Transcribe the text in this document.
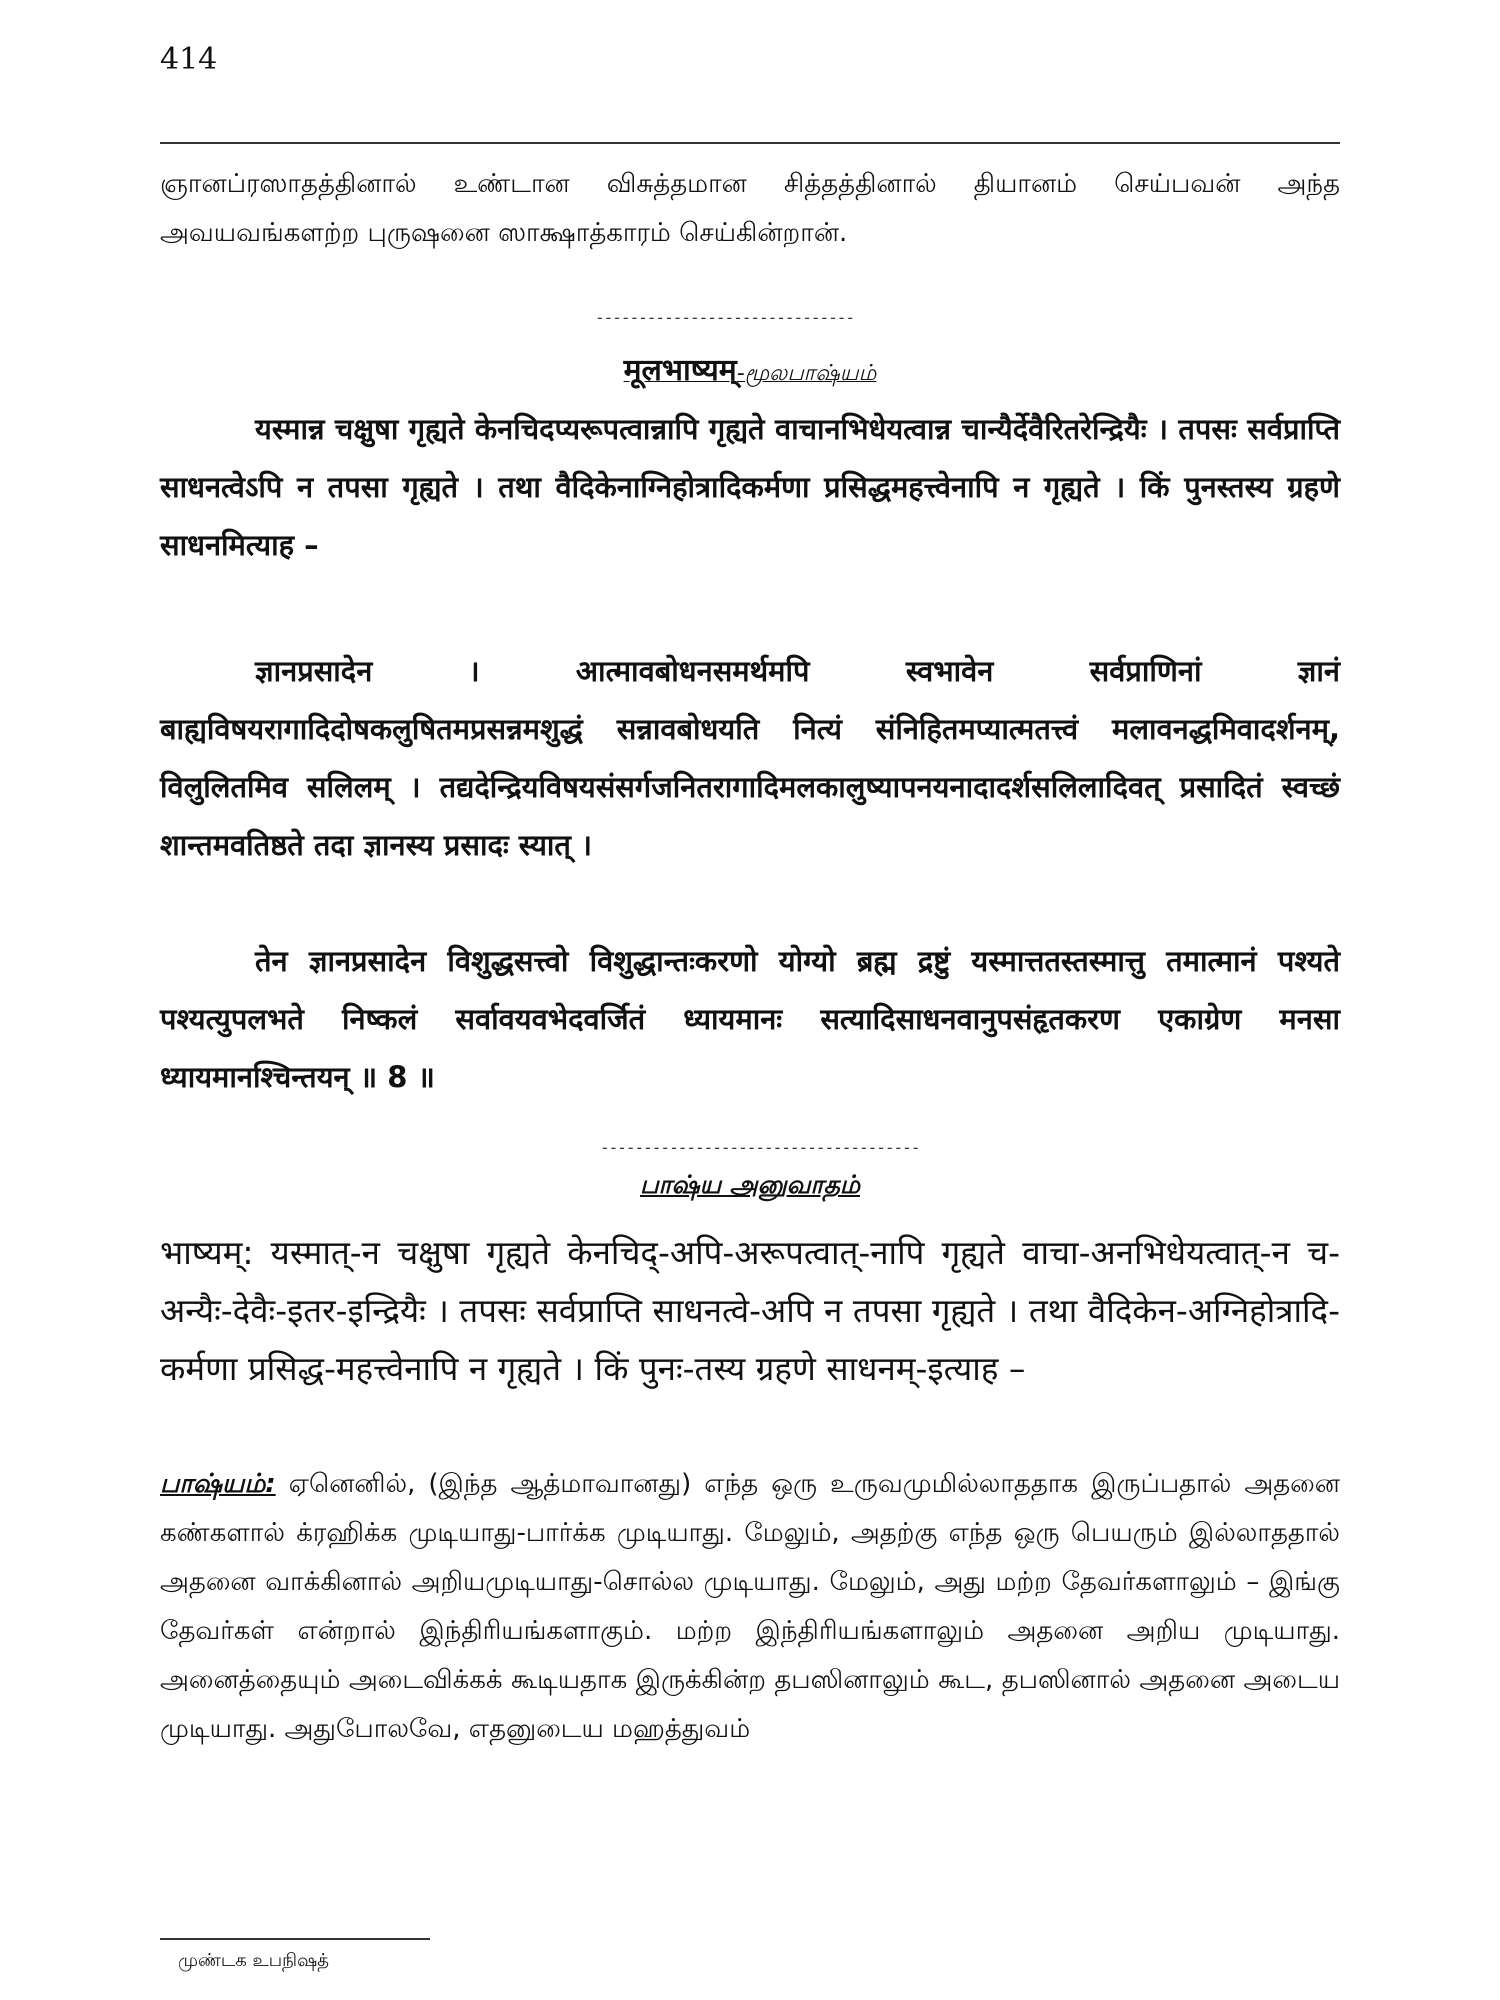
414

ஞானப்ரஸாதத்தினால் உண்டான விசுத்தமான சித்தத்தினால் தியானம் செய்பவன் அந்த அவயவங்களற்ற புருஷனை ஸாக்ஷாத்காரம் செய்கின்றான்.

------------------------------
मूलभाष्यम्-மூலபாஷ்யம்

यस्मान्न चक्षुषा गृह्यते केनचिदप्यरूपत्वान्नापि गृह्यते वाचानभिधेयत्वान्न चान्यैर्देवैरितरेन्द्रियैः । तपसः सर्वप्राप्ति साधनत्वेऽपि न तपसा गृह्यते । तथा वैदिकेनाग्निहोत्रादिकर्मणा प्रसिद्धमहत्त्वेनापि न गृह्यते । किं पुनस्तस्य ग्रहणे साधनमित्याह –

ज्ञानप्रसादेन । आत्मावबोधनसमर्थमपि स्वभावेन सर्वप्राणिनां ज्ञानं बाह्यविषयरागादिदोषकलुषितमप्रसन्नमशुद्धं सन्नावबोधयति नित्यं संनिहितमप्यात्मतत्त्वं मलावनद्धमिवादर्शनम्, विलुलितमिव सलिलम् । तद्यदेन्द्रियविषयसंसर्गजनितरागादिमलकालुष्यापनयनादादर्शसलिलादिवत् प्रसादितं स्वच्छं शान्तमवतिष्ठते तदा ज्ञानस्य प्रसादः स्यात् ।

तेन ज्ञानप्रसादेन विशुद्धसत्त्वो विशुद्धान्तःकरणो योग्यो ब्रह्म द्रष्टुं यस्मात्ततस्तस्मात्तु तमात्मानं पश्यते पश्यत्युपलभते निष्कलं सर्वावयवभेदवर्जितं ध्यायमानः सत्यादिसाधनवानुपसंहृतकरण एकाग्रेण मनसा ध्यायमानश्चिन्तयन् ॥ 8 ॥

-------------------------------------
பாஷ்ய அனுவாதம்

भाष्यम्: यस्मात्-न चक्षुषा गृह्यते केनचिद्-अपि-अरूपत्वात्-नापि गृह्यते वाचा-अनभिधेयत्वात्-न च-अन्यैः-देवैः-इतर-इन्द्रियैः । तपसः सर्वप्राप्ति साधनत्वे-अपि न तपसा गृह्यते । तथा वैदिकेन-अग्निहोत्रादि-कर्मणा प्रसिद्ध-महत्त्वेनापि न गृह्यते । किं पुनः-तस्य ग्रहणे साधनम्-इत्याह –

பாஷ்யம்: ஏனெனில், (இந்த ஆத்மாவானது) எந்த ஒரு உருவமுமில்லாததாக இருப்பதால் அதனை கண்களால் க்ரஹிக்க முடியாது-பார்க்க முடியாது. மேலும், அதற்கு எந்த ஒரு பெயரும் இல்லாததால் அதனை வாக்கினால் அறியமுடியாது-சொல்ல முடியாது. மேலும், அது மற்ற தேவர்களாலும் – இங்கு தேவர்கள் என்றால் இந்திரியங்களாகும். மற்ற இந்திரியங்களாலும் அதனை அறிய முடியாது. அனைத்தையும் அடைவிக்கக் கூடியதாக இருக்கின்ற தபஸினாலும் கூட, தபஸினால் அதனை அடைய முடியாது. அதுபோலவே, எதனுடைய மஹத்துவம்

முண்டக உபநிஷத்
